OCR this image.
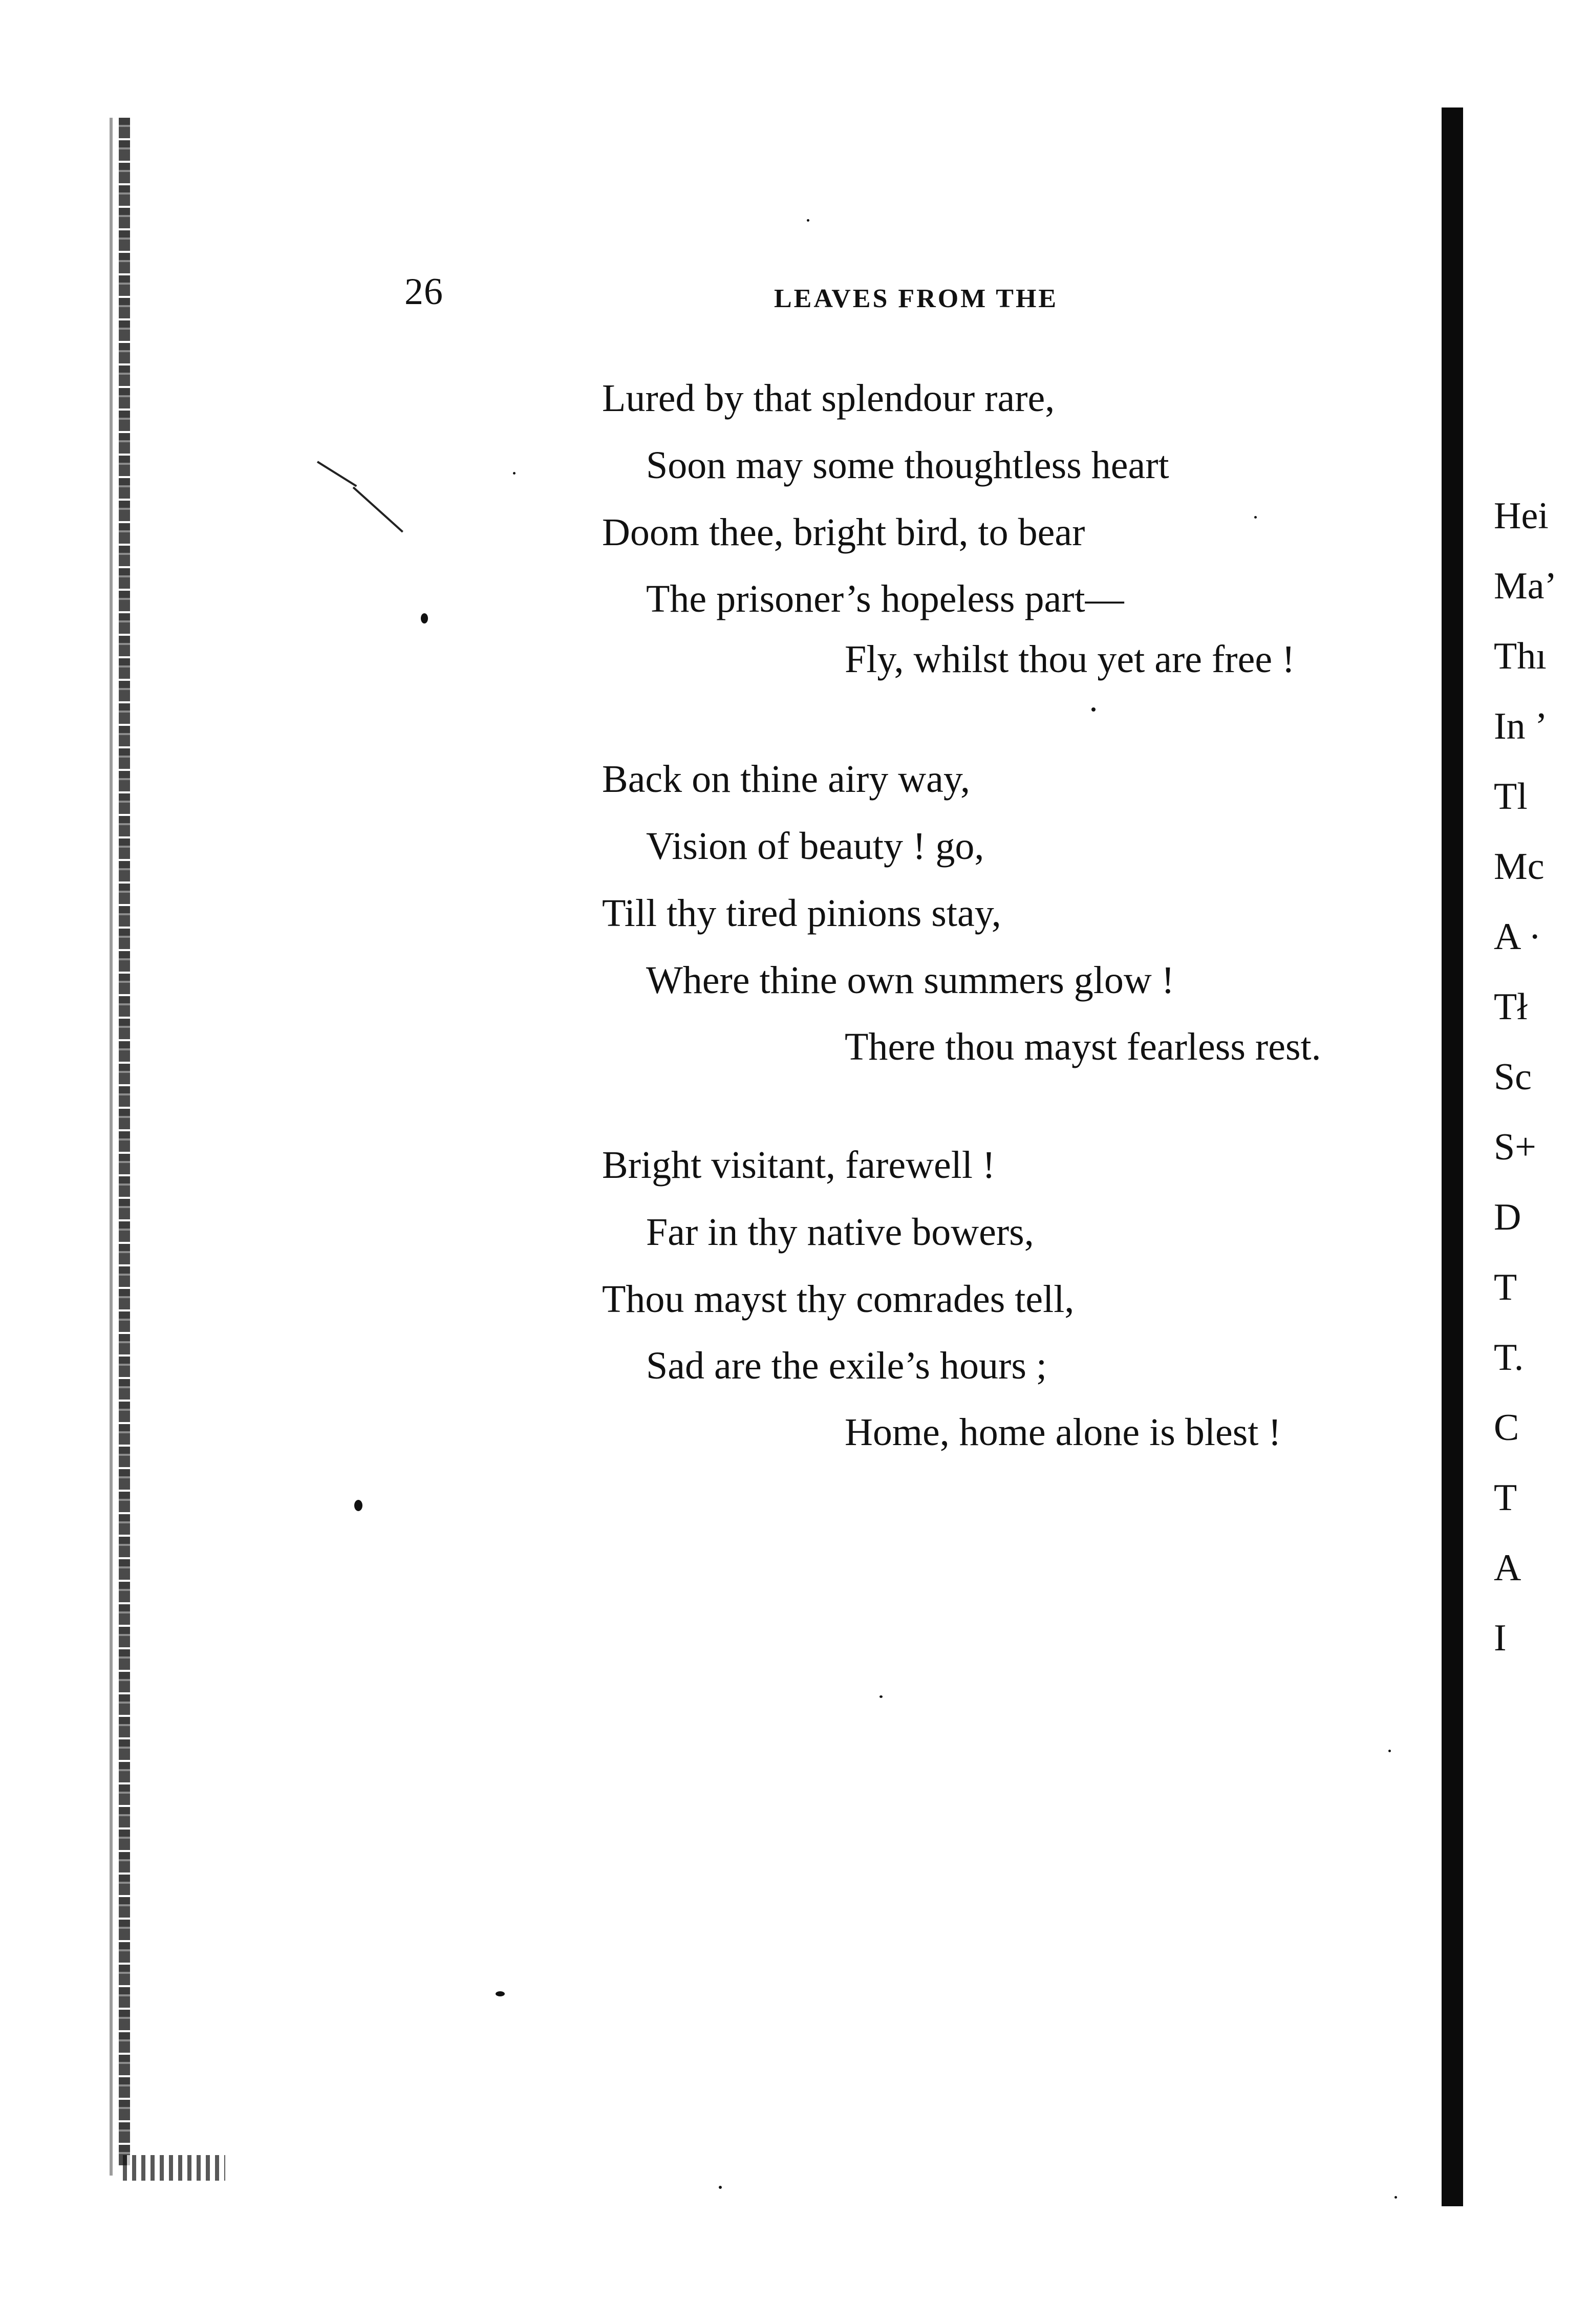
Hei
Ma’
Thı
In ’
Tl
Mc
A ·
Tł
Sc
S+
D
T
T.
C
T
A
I
26	LEAVES FROM THE
Lured by that splendour rare,
Soon may some thoughtless heart
Doom thee, bright bird, to bear
The prisoner’s hopeless part—
Fly, whilst thou yet are free !
Back on thine airy way,
Vision of beauty ! go,
Till thy tired pinions stay,
Where thine own summers glow !
There thou mayst fearless rest.
Bright visitant, farewell !
Far in thy native bowers,
Thou mayst thy comrades tell,
Sad are the exile’s hours ;
Home, home alone is blest !
